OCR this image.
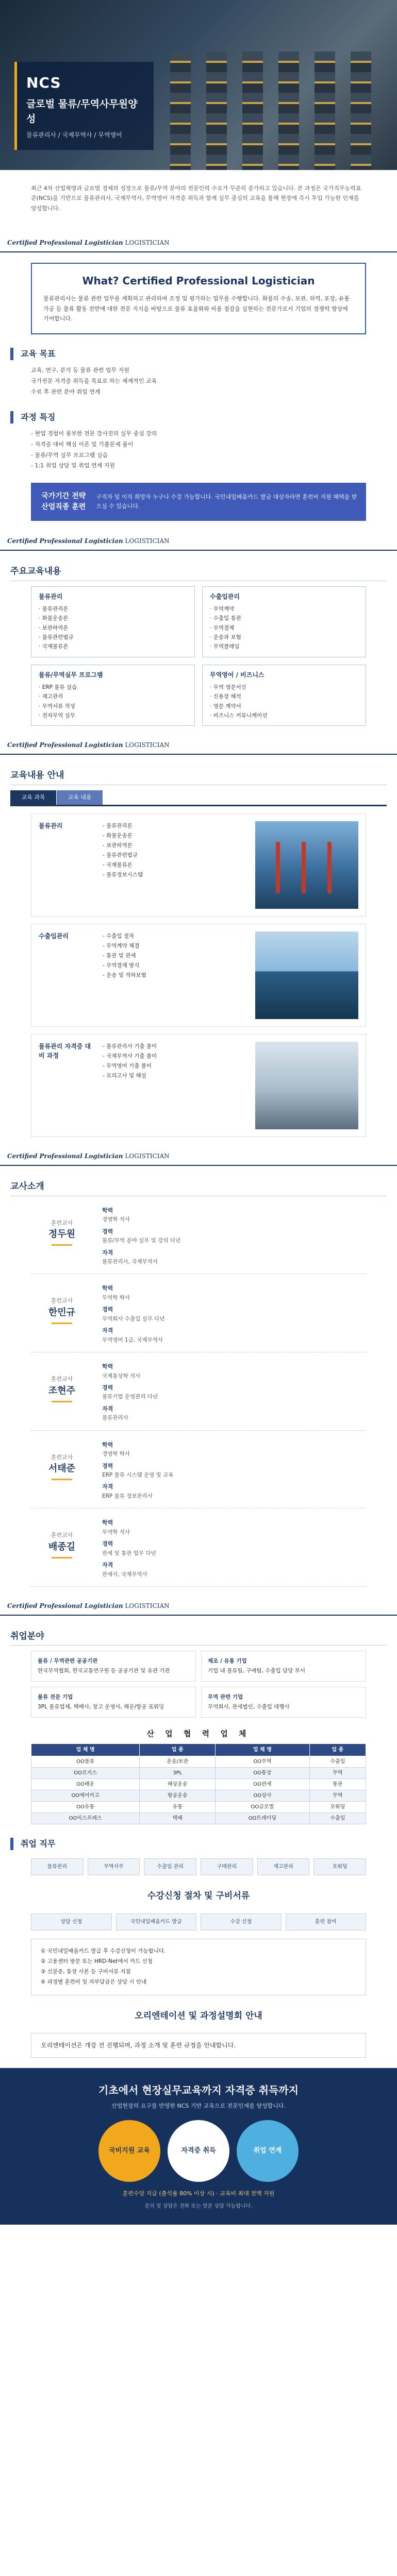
NCS
글로벌 물류/무역사무원양성
물류관리사 / 국제무역사 / 무역영어

최근 4차 산업혁명과 글로벌 경제의 성장으로 물류/무역 분야의 전문인력 수요가 꾸준히 증가하고 있습니다. 본 과정은 국가직무능력표준(NCS)을 기반으로 물류관리사, 국제무역사, 무역영어 자격증 취득과 함께 실무 중심의 교육을 통해 현장에 즉시 투입 가능한 인재를 양성합니다.

Certified Professional Logistician LOGISTICIAN
What? Certified Professional Logistician

물류관리사는 물류 관련 업무를 계획하고 관리하며 조정 및 평가하는 업무를 수행합니다. 화물의 수송, 보관, 하역, 포장, 유통가공 등 물류 활동 전반에 대한 전문 지식을 바탕으로 물류 효율화와 비용 절감을 실현하는 전문가로서 기업의 경쟁력 향상에 기여합니다.

교육 목표
교육, 연구, 분석 등 물류 관련 업무 지원
국가전문 자격증 취득을 목표로 하는 체계적인 교육
수료 후 관련 분야 취업 연계
과정 특징
- 현업 경험이 풍부한 전문 강사진의 실무 중심 강의
- 자격증 대비 핵심 이론 및 기출문제 풀이
- 물류/무역 실무 프로그램 실습
- 1:1 취업 상담 및 취업 연계 지원
국가기간 전략산업직종 훈련
구직자 및 이직 희망자 누구나 수강 가능합니다. 국민내일배움카드 발급 대상자라면 훈련비 지원 혜택을 받으실 수 있습니다.
Certified Professional Logistician LOGISTICIAN
주요교육내용
물류관리
· 물류관리론
· 화물운송론
· 보관하역론
· 물류관련법규
· 국제물류론
수출입관리
· 무역계약
· 수출입 통관
· 무역결제
· 운송과 보험
· 무역클레임
물류/무역실무 프로그램
· ERP 물류 실습
· 재고관리
· 무역서류 작성
· 전자무역 실무
무역영어 / 비즈니스
· 무역 영문서신
· 신용장 해석
· 영문 계약서
· 비즈니스 커뮤니케이션
Certified Professional Logistician LOGISTICIAN
교육내용 안내
교육 과목	교육 내용
물류관리	- 물류관리론
- 화물운송론
- 보관하역론
- 물류관련법규
- 국제물류론
- 물류정보시스템
수출입관리	- 수출입 절차
- 무역계약 체결
- 통관 및 관세
- 무역결제 방식
- 운송 및 적하보험
물류관리 자격증 대비 과정
- 물류관리사 기출 풀이
- 국제무역사 기출 풀이
- 무역영어 기출 풀이
- 모의고사 및 해설
Certified Professional Logistician LOGISTICIAN
교사소개
훈련교사
정두원
학력
경영학 석사
경력
물류/무역 분야 실무 및 강의 다년
자격
물류관리사, 국제무역사
훈련교사
한민규
학력
무역학 학사
경력
무역회사 수출입 실무 다년
자격
무역영어 1급, 국제무역사
훈련교사
조현주
학력
국제통상학 석사
경력
물류기업 운영관리 다년
자격
물류관리사
훈련교사
서태준
학력
경영학 학사
경력
ERP 물류 시스템 운영 및 교육
자격
ERP 물류 정보관리사
훈련교사
배종길
학력
무역학 석사
경력
관세 및 통관 업무 다년
자격
관세사, 국제무역사
Certified Professional Logistician LOGISTICIAN
취업분야
물류 / 무역관련 공공기관
한국무역협회, 한국교통연구원 등 공공기관 및 유관 기관
제조 / 유통 기업
기업 내 물류팀, 구매팀, 수출입 담당 부서
물류 전문 기업
3PL 물류업체, 택배사, 창고 운영사, 해운/항공 포워딩
무역 관련 기업
무역회사, 관세법인, 수출입 대행사
산 업 협 력 업 체
업 체 명	업 종	업 체 명	업 종
OO물류	운송/보관	OO무역	수출입
OO로지스	3PL	OO통상	무역
OO해운	해상운송	OO관세	통관
OO에어카고	항공운송	OO상사	무역
OO유통	유통	OO글로벌	포워딩
OO익스프레스	택배	OO트레이딩	수출입
취업 직무
물류관리	무역사무	수출입 관리	구매관리	재고관리	포워딩
수강신청 절차 및 구비서류
상담 신청	국민내일배움카드 발급	수강 신청	훈련 참여
① 국민내일배움카드 발급 후 수강신청이 가능합니다.
② 고용센터 방문 또는 HRD-Net에서 카드 신청
③ 신분증, 통장 사본 등 구비서류 지참
④ 과정별 훈련비 및 자부담금은 상담 시 안내
오리엔테이션 및 과정설명회 안내

오리엔테이션은 개강 전 진행되며, 과정 소개 및 훈련 규정을 안내합니다.

기초에서 현장실무교육까지 자격증 취득까지
산업현장의 요구를 반영한 NCS 기반 교육으로 전문인재를 양성합니다.
국비지원 교육	자격증 취득	취업 연계
훈련수당 지급 (출석률 80% 이상 시) · 교육비 최대 전액 지원
문의 및 상담은 전화 또는 방문 상담 가능합니다.
